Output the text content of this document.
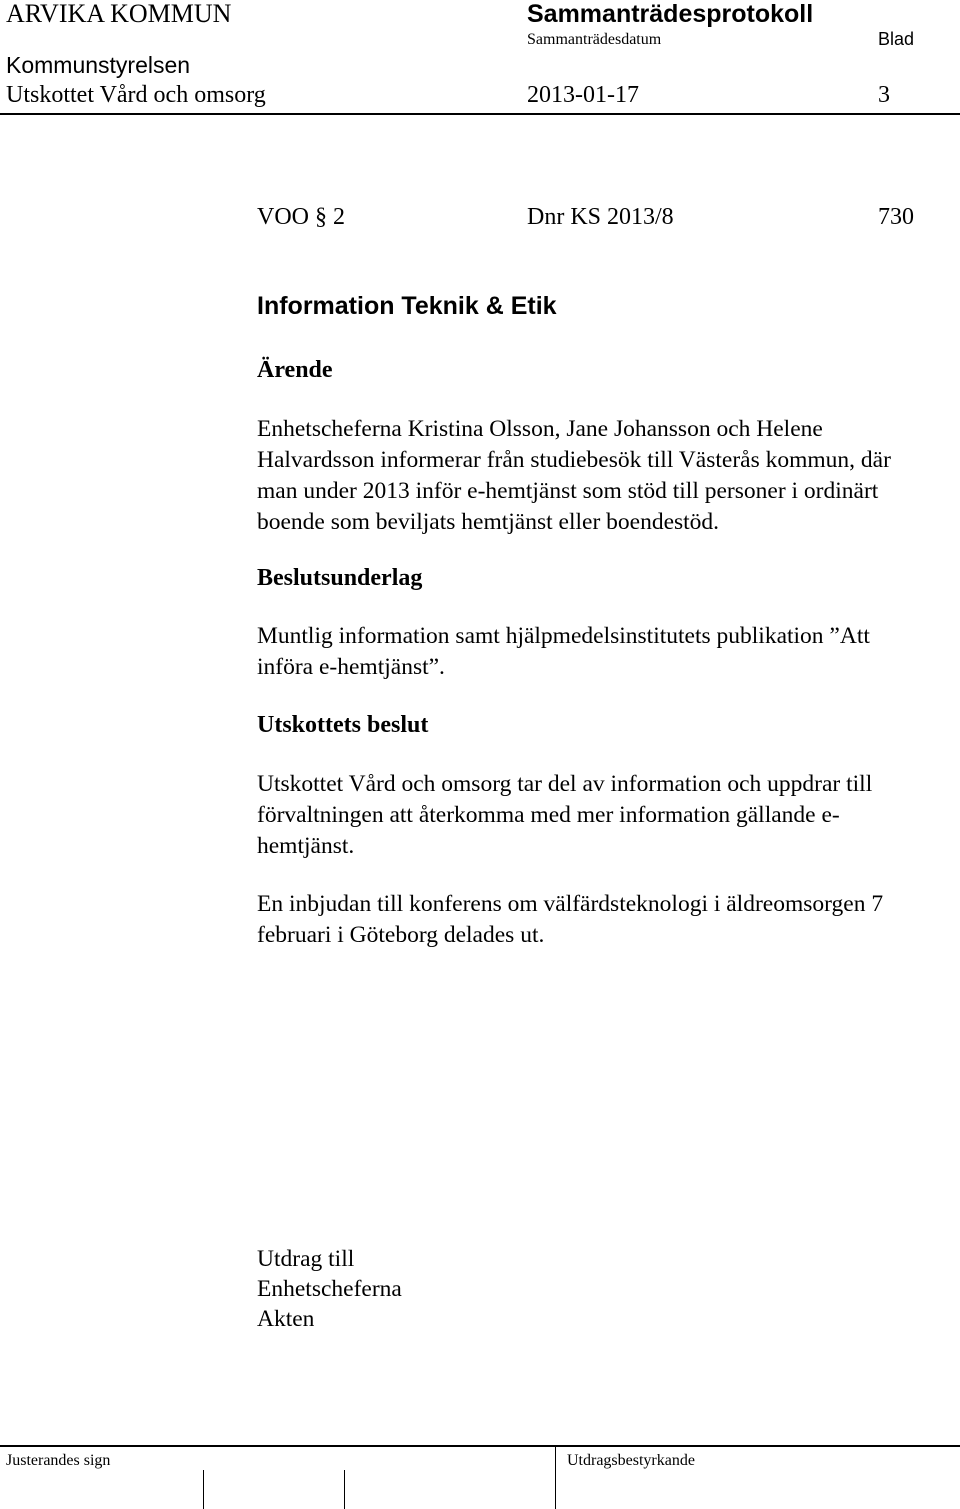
ARVIKA KOMMUN	Sammanträdesprotokoll
Sammanträdesdatum	Blad
Kommunstyrelsen
Utskottet Vård och omsorg	2013-01-17	3
VOO § 2	Dnr KS 2013/8	730
Information Teknik & Etik
Ärende
Enhetscheferna Kristina Olsson, Jane Johansson och Helene
Halvardsson informerar från studiebesök till Västerås kommun, där
man under 2013 inför e-hemtjänst som stöd till personer i ordinärt
boende som beviljats hemtjänst eller boendestöd.
Beslutsunderlag
Muntlig information samt hjälpmedelsinstitutets publikation ”Att
införa e-hemtjänst”.
Utskottets beslut
Utskottet Vård och omsorg tar del av information och uppdrar till
förvaltningen att återkomma med mer information gällande e-
hemtjänst.
En inbjudan till konferens om välfärdsteknologi i äldreomsorgen 7
februari i Göteborg delades ut.
Utdrag till
Enhetscheferna
Akten
Justerandes sign	Utdragsbestyrkande
